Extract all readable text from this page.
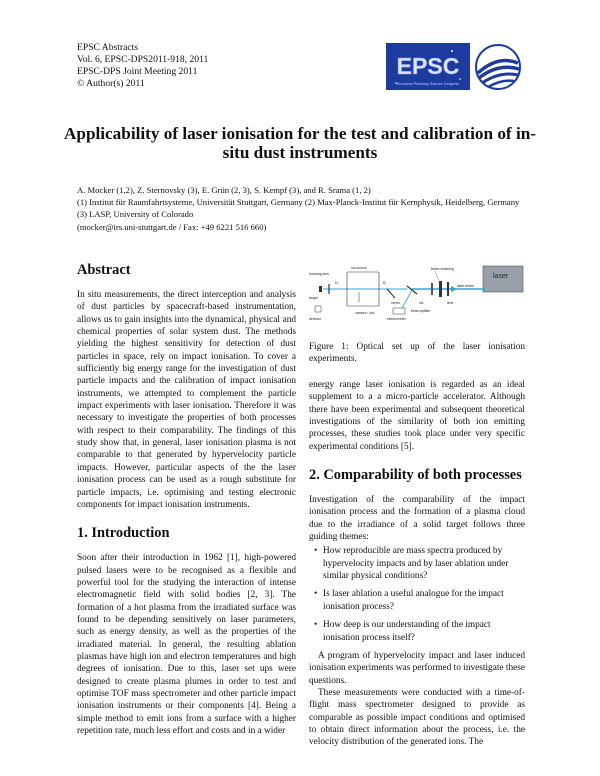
EPSC Abstracts
Vol. 6, EPSC-DPS2011-918, 2011
EPSC-DPS Joint Meeting 2011
© Author(s) 2011
EPSC
European Planetary Science Congress
Applicability of laser ionisation for the test and calibration of in-situ dust instruments
A. Mocker (1,2), Z. Sternovsky (3), E. Grün (2, 3), S. Kempf (3), and R. Srama (1, 2)
(1) Institut für Raumfahrtsysteme, Universität Stuttgart, Germany (2) Max-Planck-Institut für Kernphysik, Heidelberg, Germany (3) LASP, University of Colorado
(mocker@irs.uni-stuttgart.de / Fax: +49 6221 516 660)
Abstract

In situ measurements, the direct interception and analysis of dust particles by spacecraft-based instrumentation, allows us to gain insights into the dynamical, physical and chemical properties of solar system dust. The methods yielding the highest sensitivity for detection of dust particles in space, rely on impact ionisation. To cover a sufficiently big energy range for the investigation of dust particle impacts and the calibration of impact ionisation instruments, we attempted to complement the particle impact experiments with laser ionisation. Therefore it was necessary to investigate the properties of both processes with respect to their comparability. The findings of this study show that, in general, laser ionisation plasma is not comparable to that generated by hypervelocity particle impacts. However, particular aspects of the the laser ionisation process can be used as a rough substitute for particle impacts, i.e. optimising and testing electronic components for impact ionisation instruments.

1. Introduction

Soon after their introduction in 1962 [1], high-powered pulsed lasers were to be recognised as a flexible and powerful tool for the studying the interaction of intense electromagnetic field with solid bodies [2, 3]. The formation of a hot plasma from the irradiated surface was found to be depending sensitively on laser parameters, such as energy density, as well as the properties of the irradiated material. In general, the resulting ablation plasmas have high ion and electron temperatures and high degrees of ionisation. Due to this, laser set ups were designed to create plasma plumes in order to test and optimise TOF mass spectrometer and other particle impact ionisation instruments or their components [4]. Being a simple method to emit ions from a surface with a higher repetition rate, much less effort and costs and in a wider

laser
laser beam
beam widening
lens
iris
beam splitter
electrometer
ion source
camera / ccd
focusing lens
target
detector
mirror
f2
f1
Figure 1: Optical set up of the laser ionisation experiments.

energy range laser ionisation is regarded as an ideal supplement to a a micro-particle accelerator. Although there have been experimental and subsequent theoretical investigations of the similarity of both ion emitting processes, these studies took place under very specific experimental conditions [5].

2. Comparability of both processes

Investigation of the comparability of the impact ionisation process and the formation of a plasma cloud due to the irradiance of a solid target follows three guiding themes:

• How reproducible are mass spectra produced by hypervelocity impacts and by laser ablation under similar physical conditions?
• Is laser ablation a useful analogue for the impact ionisation process?
• How deep is our understanding of the impact ionisation process itself?

A program of hypervelocity impact and laser induced ionisation experiments was performed to investigate these questions.

These measurements were conducted with a time-of-flight mass spectrometer designed to provide as comparable as possible impact conditions and optimised to obtain direct information about the process, i.e. the velocity distribution of the generated ions. The
